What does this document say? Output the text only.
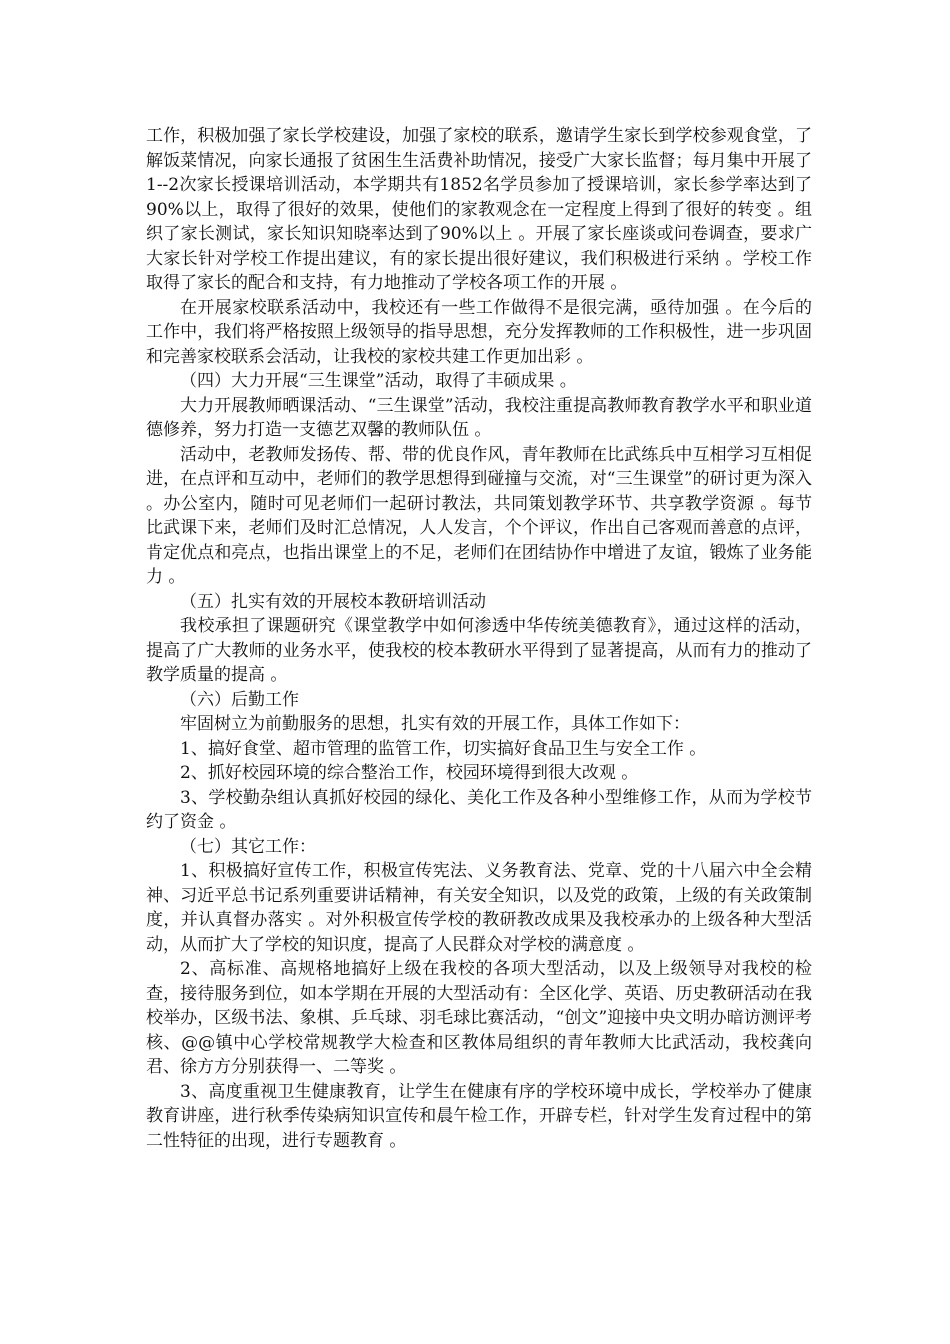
工作，积极加强了家长学校建设，加强了家校的联系，邀请学生家长到学校参观食堂，了解饭菜情况，向家长通报了贫困生生活费补助情况，接受广大家长监督；每月集中开展了1--2次家长授课培训活动，本学期共有1852名学员参加了授课培训，家长参学率达到了90%以上，取得了很好的效果，使他们的家教观念在一定程度上得到了很好的转变 。组织了家长测试，家长知识知晓率达到了90%以上 。开展了家长座谈或问卷调查，要求广大家长针对学校工作提出建议，有的家长提出很好建议，我们积极进行采纳 。学校工作取得了家长的配合和支持，有力地推动了学校各项工作的开展 。

在开展家校联系活动中，我校还有一些工作做得不是很完满，亟待加强 。在今后的工作中，我们将严格按照上级领导的指导思想，充分发挥教师的工作积极性，进一步巩固和完善家校联系会活动，让我校的家校共建工作更加出彩 。

（四）大力开展“三生课堂”活动，取得了丰硕成果 。

大力开展教师晒课活动、“三生课堂”活动，我校注重提高教师教育教学水平和职业道德修养，努力打造一支德艺双馨的教师队伍 。

活动中，老教师发扬传、帮、带的优良作风，青年教师在比武练兵中互相学习互相促进，在点评和互动中，老师们的教学思想得到碰撞与交流，对“三生课堂”的研讨更为深入 。办公室内，随时可见老师们一起研讨教法，共同策划教学环节、共享教学资源 。每节比武课下来，老师们及时汇总情况，人人发言，个个评议，作出自己客观而善意的点评，肯定优点和亮点，也指出课堂上的不足，老师们在团结协作中增进了友谊，锻炼了业务能力 。

（五）扎实有效的开展校本教研培训活动

我校承担了课题研究《课堂教学中如何渗透中华传统美德教育》，通过这样的活动，提高了广大教师的业务水平，使我校的校本教研水平得到了显著提高，从而有力的推动了教学质量的提高 。

（六）后勤工作

牢固树立为前勤服务的思想，扎实有效的开展工作，具体工作如下：

1、搞好食堂、超市管理的监管工作，切实搞好食品卫生与安全工作 。

2、抓好校园环境的综合整治工作，校园环境得到很大改观 。

3、学校勤杂组认真抓好校园的绿化、美化工作及各种小型维修工作，从而为学校节约了资金 。

（七）其它工作：

1、积极搞好宣传工作，积极宣传宪法、义务教育法、党章、党的十八届六中全会精神、习近平总书记系列重要讲话精神，有关安全知识，以及党的政策，上级的有关政策制度，并认真督办落实 。对外积极宣传学校的教研教改成果及我校承办的上级各种大型活动，从而扩大了学校的知识度，提高了人民群众对学校的满意度 。

2、高标准、高规格地搞好上级在我校的各项大型活动，以及上级领导对我校的检查，接待服务到位，如本学期在开展的大型活动有：全区化学、英语、历史教研活动在我校举办，区级书法、象棋、乒乓球、羽毛球比赛活动，“创文”迎接中央文明办暗访测评考核、@@镇中心学校常规教学大检查和区教体局组织的青年教师大比武活动，我校龚向君、徐方方分别获得一、二等奖 。

3、高度重视卫生健康教育，让学生在健康有序的学校环境中成长，学校举办了健康教育讲座，进行秋季传染病知识宣传和晨午检工作，开辟专栏，针对学生发育过程中的第二性特征的出现，进行专题教育 。
